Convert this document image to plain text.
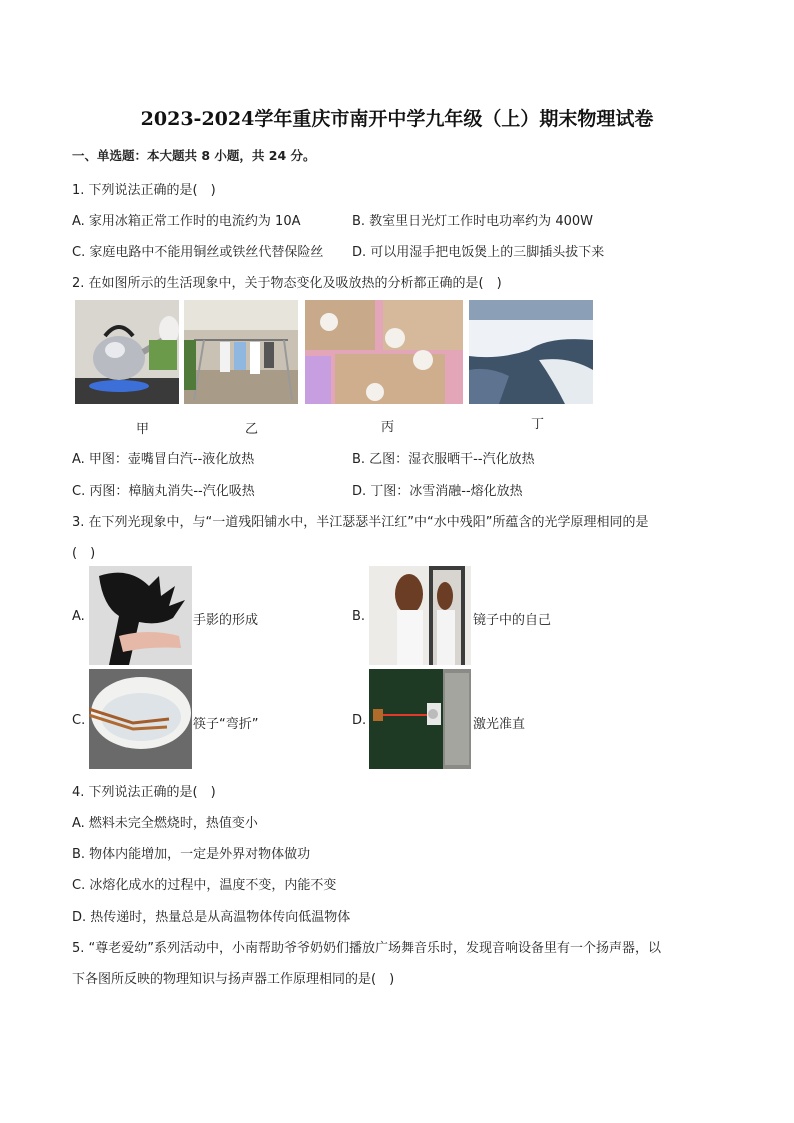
2023-2024学年重庆市南开中学九年级（上）期末物理试卷
一、单选题：本大题共 8 小题，共 24 分。
1. 下列说法正确的是(　)
A. 家用冰箱正常工作时的电流约为 10A	B. 教室里日光灯工作时电功率约为 400W
C. 家庭电路中不能用铜丝或铁丝代替保险丝 D. 可以用湿手把电饭煲上的三脚插头拔下来
2. 在如图所示的生活现象中，关于物态变化及吸放热的分析都正确的是(　)
甲	乙	丙	丁
A. 甲图：壶嘴冒白汽--液化放热	B. 乙图：湿衣服晒干--汽化放热
C. 丙图：樟脑丸消失--汽化吸热	D. 丁图：冰雪消融--熔化放热
3. 在下列光现象中，与“一道残阳铺水中，半江瑟瑟半江红”中“水中残阳”所蕴含的光学原理相同的是
(　)
A.	手影的形成	B.	镜子中的自己
C.	筷子“弯折”	D.	激光准直
4. 下列说法正确的是(　)
A. 燃料未完全燃烧时，热值变小
B. 物体内能增加，一定是外界对物体做功
C. 冰熔化成水的过程中，温度不变，内能不变
D. 热传递时，热量总是从高温物体传向低温物体
5. “尊老爱幼”系列活动中，小南帮助爷爷奶奶们播放广场舞音乐时，发现音响设备里有一个扬声器，以
下各图所反映的物理知识与扬声器工作原理相同的是(　)
